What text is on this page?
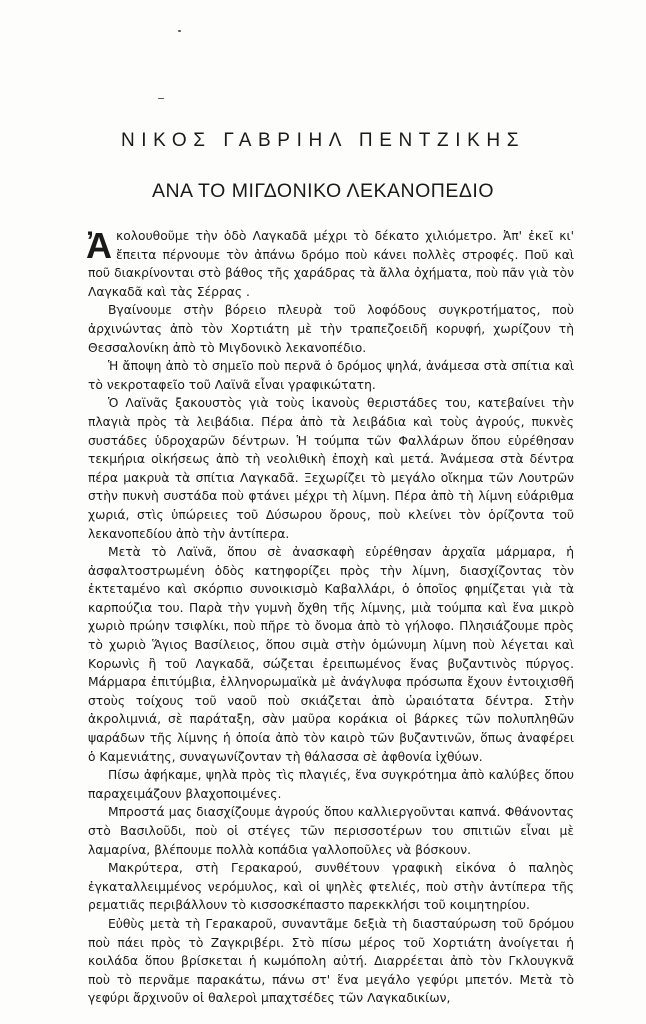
ΝΙΚΟΣ ΓΑΒΡΙΗΛ ΠΕΝΤΖΙΚΗΣ
ΑΝΑ ΤΟ ΜΙΓΔΟΝΙΚΟ ΛΕΚΑΝΟΠΕΔΙΟ

Ἀκολουθοῦμε τὴν ὁδὸ Λαγκαδᾶ μέχρι τὸ δέκατο χιλιόμετρο. Ἀπ' ἐκεῖ κι' ἔπειτα πέρνουμε τὸν ἀπάνω δρόμο ποὺ κάνει πολλὲς στροφές. Ποῦ καὶ ποῦ διακρίνονται στὸ βάθος τῆς χαράδρας τὰ ἄλλα ὀχήματα, ποὺ πᾶν γιὰ τὸν Λαγκαδᾶ καὶ τὰς Σέρρας .

Βγαίνουμε στὴν βόρειο πλευρὰ τοῦ λοφόδους συγκροτήματος, ποὺ ἀρχινώντας ἀπὸ τὸν Χορτιάτη μὲ τὴν τραπεζοειδῆ κορυφή, χωρίζουν τὴ Θεσσαλονίκη ἀπὸ τὸ Μιγδονικὸ λεκανοπέδιο.

Ἡ ἄποψη ἀπὸ τὸ σημεῖο ποὺ περνᾶ ὁ δρόμος ψηλά, ἀνάμεσα στὰ σπίτια καὶ τὸ νεκροταφεῖο τοῦ Λαϊνᾶ εἶναι γραφικώτατη.

Ὁ Λαϊνᾶς ξακουστὸς γιὰ τοὺς ἱκανοὺς θεριστάδες του, κατεβαίνει τὴν πλαγιὰ πρὸς τὰ λειβάδια. Πέρα ἀπὸ τὰ λειβάδια καὶ τοὺς ἀγρούς, πυκνὲς συστάδες ὑδροχαρῶν δέντρων. Ἡ τούμπα τῶν Φαλλάρων ὅπου εὑρέθησαν τεκμήρια οἰκήσεως ἀπὸ τὴ νεολιθικὴ ἐποχὴ καὶ μετά. Ἀνάμεσα στὰ δέντρα πέρα μακρυὰ τὰ σπίτια Λαγκαδᾶ. Ξεχωρίζει τὸ μεγάλο οἴκημα τῶν Λουτρῶν στὴν πυκνὴ συστάδα ποὺ φτάνει μέχρι τὴ λίμνη. Πέρα ἀπὸ τὴ λίμνη εὐάριθμα χωριά, στὶς ὑπώρειες τοῦ Δύσωρου ὄρους, ποὺ κλείνει τὸν ὁρίζοντα τοῦ λεκανοπεδίου ἀπὸ τὴν ἀντίπερα.

Μετὰ τὸ Λαϊνᾶ, ὅπου σὲ ἀνασκαφὴ εὑρέθησαν ἀρχαῖα μάρμαρα, ἡ ἀσφαλτοστρωμένη ὁδὸς κατηφορίζει πρὸς τὴν λίμνη, διασχίζοντας τὸν ἐκτεταμένο καὶ σκόρπιο συνοικισμὸ Καβαλλάρι, ὁ ὁποῖος φημίζεται γιὰ τὰ καρπούζια του. Παρὰ τὴν γυμνὴ ὄχθη τῆς λίμνης, μιὰ τούμπα καὶ ἕνα μικρὸ χωριὸ πρώην τσιφλίκι, ποὺ πῆρε τὸ ὄνομα ἀπὸ τὸ γήλοφο. Πλησιάζουμε πρὸς τὸ χωριὸ Ἅγιος Βασίλειος, ὅπου σιμὰ στὴν ὁμώνυμη λίμνη ποὺ λέγεται καὶ Κορωνὶς ἢ τοῦ Λαγκαδᾶ, σώζεται ἐρειπωμένος ἕνας βυζαντινὸς πύργος. Μάρμαρα ἐπιτύμβια, ἑλληνορωμαϊκὰ μὲ ἀνάγλυφα πρόσωπα ἔχουν ἐντοιχισθῆ στοὺς τοίχους τοῦ ναοῦ ποὺ σκιάζεται ἀπὸ ὡραιότατα δέντρα. Στὴν ἀκρολιμνιά, σὲ παράταξη, σὰν μαῦρα κοράκια οἱ βάρκες τῶν πολυπληθῶν ψαράδων τῆς λίμνης ἡ ὁποία ἀπὸ τὸν καιρὸ τῶν βυζαντινῶν, ὅπως ἀναφέρει ὁ Καμενιάτης, συναγωνίζονταν τὴ θάλασσα σὲ ἀφθονία ἰχθύων.

Πίσω ἀφήκαμε, ψηλὰ πρὸς τὶς πλαγιές, ἕνα συγκρότημα ἀπὸ καλύβες ὅπου παραχειμάζουν βλαχοποιμένες.

Μπροστά μας διασχίζουμε ἀγρούς ὅπου καλλιεργοῦνται καπνά. Φθάνοντας στὸ Βασιλοῦδι, ποὺ οἱ στέγες τῶν περισσοτέρων του σπιτιῶν εἶναι μὲ λαμαρίνα, βλέπουμε πολλὰ κοπάδια γαλλοποῦλες νὰ βόσκουν.

Μακρύτερα, στὴ Γερακαρού, συνθέτουν γραφικὴ εἰκόνα ὁ παληὸς ἐγκαταλλειμμένος νερόμυλος, καὶ οἱ ψηλὲς φτελιές, ποὺ στὴν ἀντίπερα τῆς ρεματιᾶς περιβάλλουν τὸ κισσοσκέπαστο παρεκκλήσι τοῦ κοιμητηρίου.

Εὐθὺς μετὰ τὴ Γερακαροῦ, συναντᾶμε δεξιὰ τὴ διασταύρωση τοῦ δρόμου ποὺ πάει πρὸς τὸ Ζαγκριβέρι. Στὸ πίσω μέρος τοῦ Χορτιάτη ἀνοίγεται ἡ κοιλάδα ὅπου βρίσκεται ἡ κωμόπολη αὐτή. Διαρρέεται ἀπὸ τὸν Γκλουγκνᾶ ποὺ τὸ περνᾶμε παρακάτω, πάνω στ' ἕνα μεγάλο γεφύρι μπετόν. Μετὰ τὸ γεφύρι ἄρχινοῦν οἱ θαλεροὶ μπαχτσέδες τῶν Λαγκαδικίων,
